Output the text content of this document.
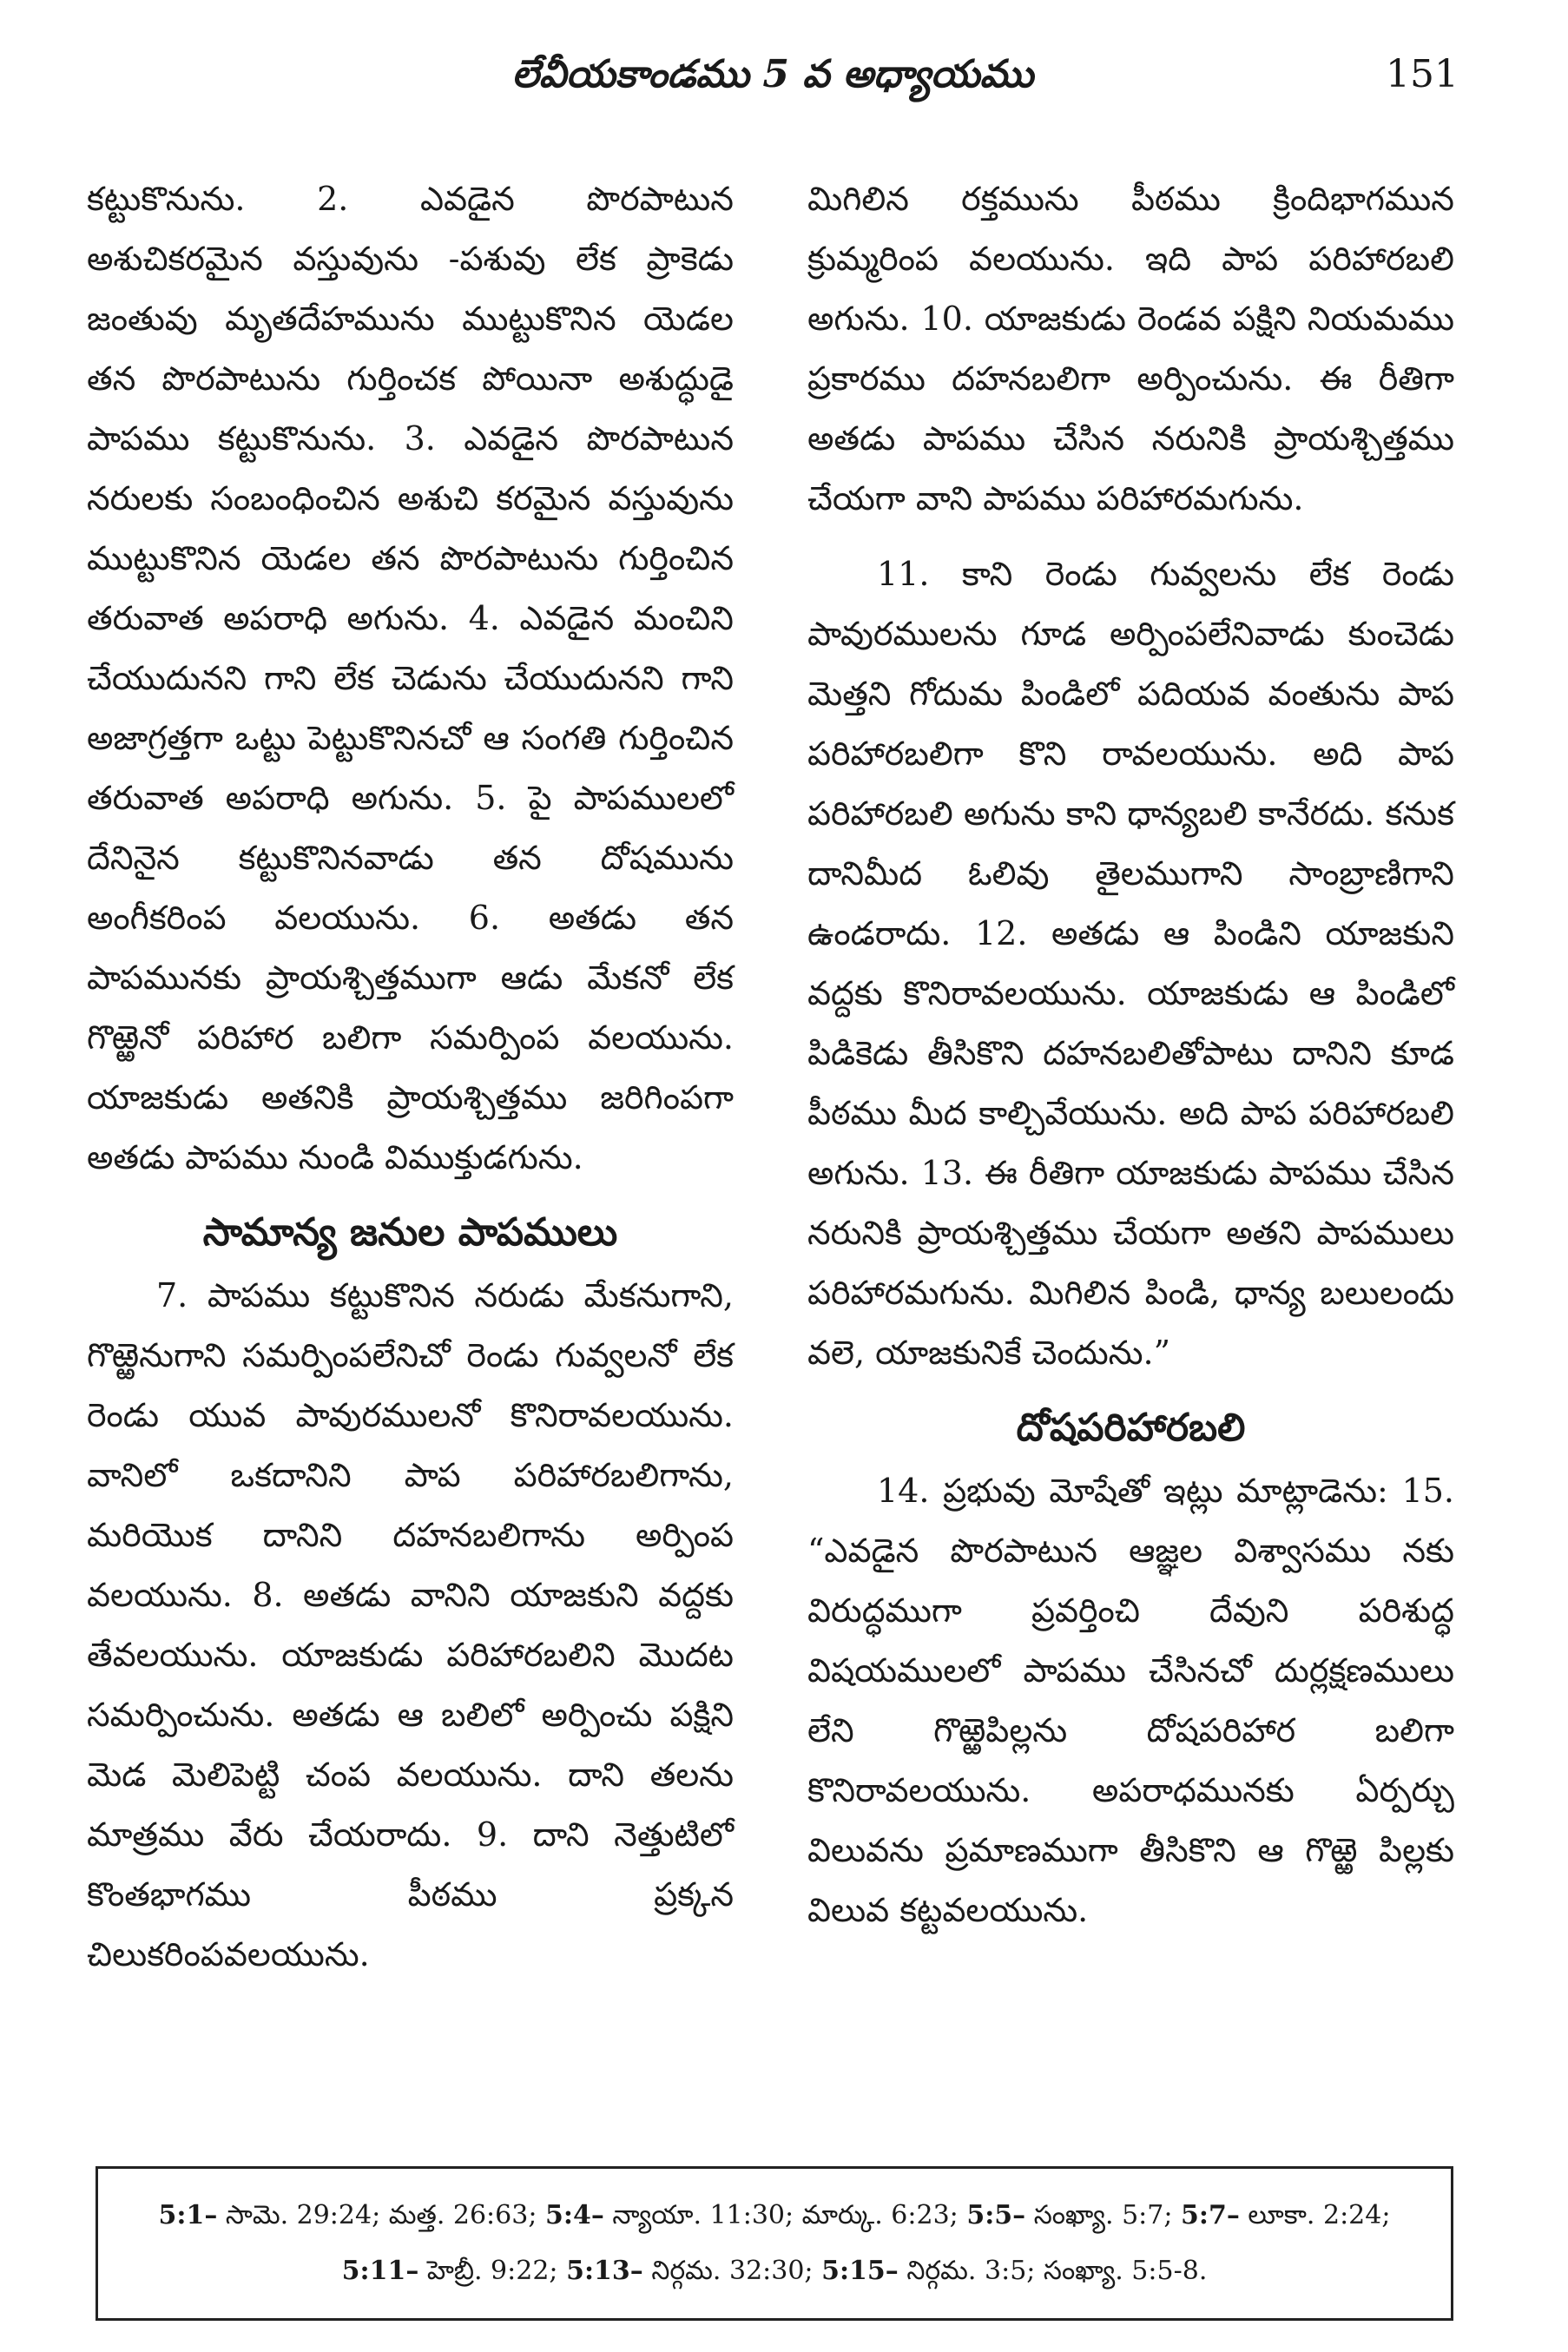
లేవీయకాండము 5 వ అధ్యాయము	151

కట్టుకొనును. 2. ఎవడైన పొరపాటున అశుచికరమైన వస్తువును -పశువు లేక ప్రాకెడు జంతువు మృతదేహమును ముట్టుకొనిన యెడల తన పొరపాటును గుర్తించక పోయినా అశుద్ధుడై పాపము కట్టుకొనును. 3. ఎవడైన పొరపాటున నరులకు సంబంధించిన అశుచి కరమైన వస్తువును ముట్టుకొనిన యెడల తన పొరపాటును గుర్తించిన తరువాత అపరాధి అగును. 4. ఎవడైన మంచిని చేయుదునని గాని లేక చెడును చేయుదునని గాని అజాగ్రత్తగా ఒట్టు పెట్టుకొనినచో ఆ సంగతి గుర్తించిన తరువాత అపరాధి అగును. 5. పై పాపములలో దేనినైన కట్టుకొనినవాడు తన దోషమును అంగీకరింప వలయును. 6. అతడు తన పాపమునకు ప్రాయశ్చిత్తముగా ఆడు మేకనో లేక గొఱ్ఱెనో పరిహార బలిగా సమర్పింప వలయును. యాజకుడు అతనికి ప్రాయశ్చిత్తము జరిగింపగా అతడు పాపము నుండి విముక్తుడగును.

సామాన్య జనుల పాపములు

7. పాపము కట్టుకొనిన నరుడు మేకనుగాని, గొఱ్ఱెనుగాని సమర్పింపలేనిచో రెండు గువ్వలనో లేక రెండు యువ పావురములనో కొనిరావలయును. వానిలో ఒకదానిని పాప పరిహారబలిగాను, మరియొక దానిని దహనబలిగాను అర్పింప వలయును. 8. అతడు వానిని యాజకుని వద్దకు తేవలయును. యాజకుడు పరిహారబలిని మొదట సమర్పించును. అతడు ఆ బలిలో అర్పించు పక్షిని మెడ మెలిపెట్టి చంప వలయును. దాని తలను మాత్రము వేరు చేయరాదు. 9. దాని నెత్తుటిలో కొంతభాగము పీఠము ప్రక్కన చిలుకరింపవలయును.

మిగిలిన రక్తమును పీఠము క్రిందిభాగమున క్రుమ్మరింప వలయును. ఇది పాప పరిహారబలి అగును. 10. యాజకుడు రెండవ పక్షిని నియమము ప్రకారము దహనబలిగా అర్పించును. ఈ రీతిగా అతడు పాపము చేసిన నరునికి ప్రాయశ్చిత్తము చేయగా వాని పాపము పరిహారమగును.

11. కాని రెండు గువ్వలను లేక రెండు పావురములను గూడ అర్పింపలేనివాడు కుంచెడు మెత్తని గోదుమ పిండిలో పదియవ వంతును పాప పరిహారబలిగా కొని రావలయును. అది పాప పరిహారబలి అగును కాని ధాన్యబలి కానేరదు. కనుక దానిమీద ఓలివు తైలముగాని సాంబ్రాణిగాని ఉండరాదు. 12. అతడు ఆ పిండిని యాజకుని వద్దకు కొనిరావలయును. యాజకుడు ఆ పిండిలో పిడికెడు తీసికొని దహనబలితోపాటు దానిని కూడ పీఠము మీద కాల్చివేయును. అది పాప పరిహారబలి అగును. 13. ఈ రీతిగా యాజకుడు పాపము చేసిన నరునికి ప్రాయశ్చిత్తము చేయగా అతని పాపములు పరిహారమగును. మిగిలిన పిండి, ధాన్య బలులందు వలె, యాజకునికే చెందును.”

దోషపరిహారబలి

14. ప్రభువు మోషేతో ఇట్లు మాట్లాడెను: 15. “ఎవడైన పొరపాటున ఆజ్ఞల విశ్వాసము నకు విరుద్ధముగా ప్రవర్తించి దేవుని పరిశుద్ధ విషయములలో పాపము చేసినచో దుర్లక్షణములు లేని గొఱ్ఱెపిల్లను దోషపరిహార బలిగా కొనిరావలయును. అపరాధమునకు ఏర్పర్చు విలువను ప్రమాణముగా తీసికొని ఆ గొఱ్ఱె పిల్లకు విలువ కట్టవలయును.

5:1– సామె. 29:24; మత్త. 26:63; 5:4– న్యాయా. 11:30; మార్కు. 6:23; 5:5– సంఖ్యా. 5:7; 5:7– లూకా. 2:24; 5:11– హెబ్రీ. 9:22; 5:13– నిర్గమ. 32:30; 5:15– నిర్గమ. 3:5; సంఖ్యా. 5:5-8.
